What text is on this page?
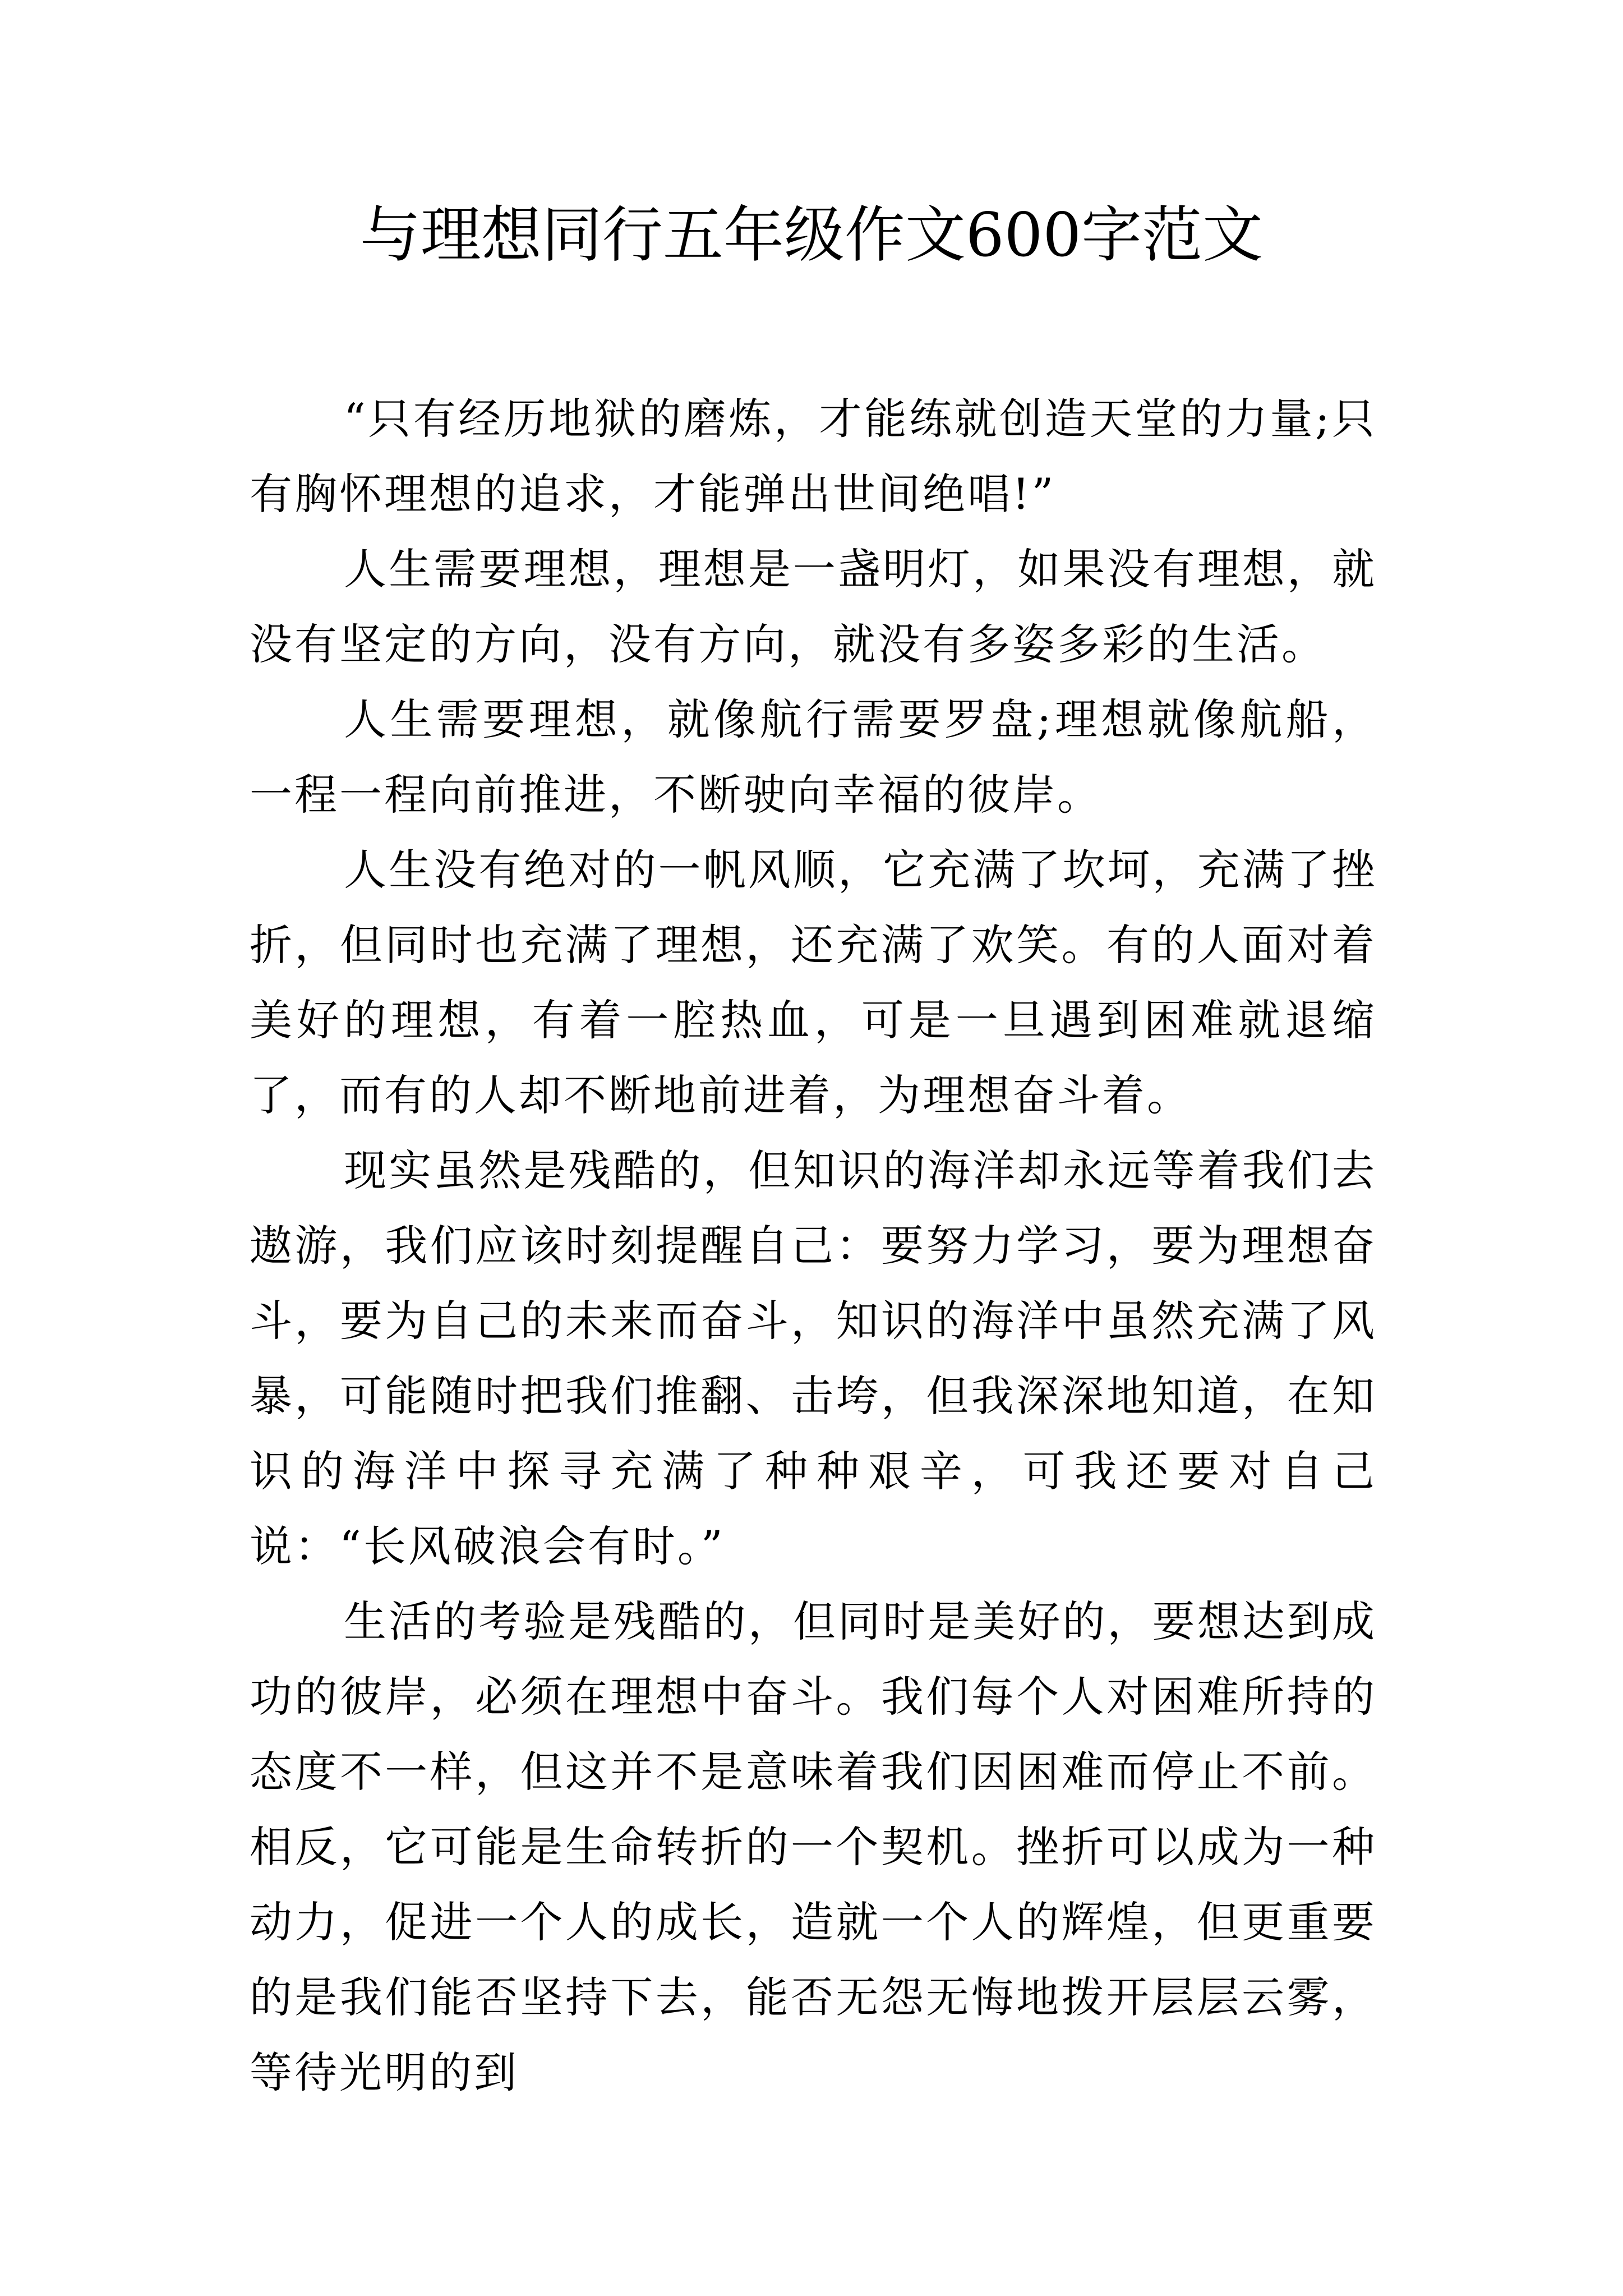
与理想同行五年级作文600字范文

“只有经历地狱的磨炼，才能练就创造天堂的力量;只有胸怀理想的追求，才能弹出世间绝唱!”

人生需要理想，理想是一盏明灯，如果没有理想，就没有坚定的方向，没有方向，就没有多姿多彩的生活。

人生需要理想，就像航行需要罗盘;理想就像航船，一程一程向前推进，不断驶向幸福的彼岸。

人生没有绝对的一帆风顺，它充满了坎坷，充满了挫折，但同时也充满了理想，还充满了欢笑。有的人面对着美好的理想，有着一腔热血，可是一旦遇到困难就退缩了，而有的人却不断地前进着，为理想奋斗着。

现实虽然是残酷的，但知识的海洋却永远等着我们去遨游，我们应该时刻提醒自己：要努力学习，要为理想奋斗，要为自己的未来而奋斗，知识的海洋中虽然充满了风暴，可能随时把我们推翻、击垮，但我深深地知道，在知识的海洋中探寻充满了种种艰辛，可我还要对自己说：“长风破浪会有时。”

生活的考验是残酷的，但同时是美好的，要想达到成功的彼岸，必须在理想中奋斗。我们每个人对困难所持的态度不一样，但这并不是意味着我们因困难而停止不前。相反，它可能是生命转折的一个契机。挫折可以成为一种动力，促进一个人的成长，造就一个人的辉煌，但更重要的是我们能否坚持下去，能否无怨无悔地拨开层层云雾，等待光明的到
